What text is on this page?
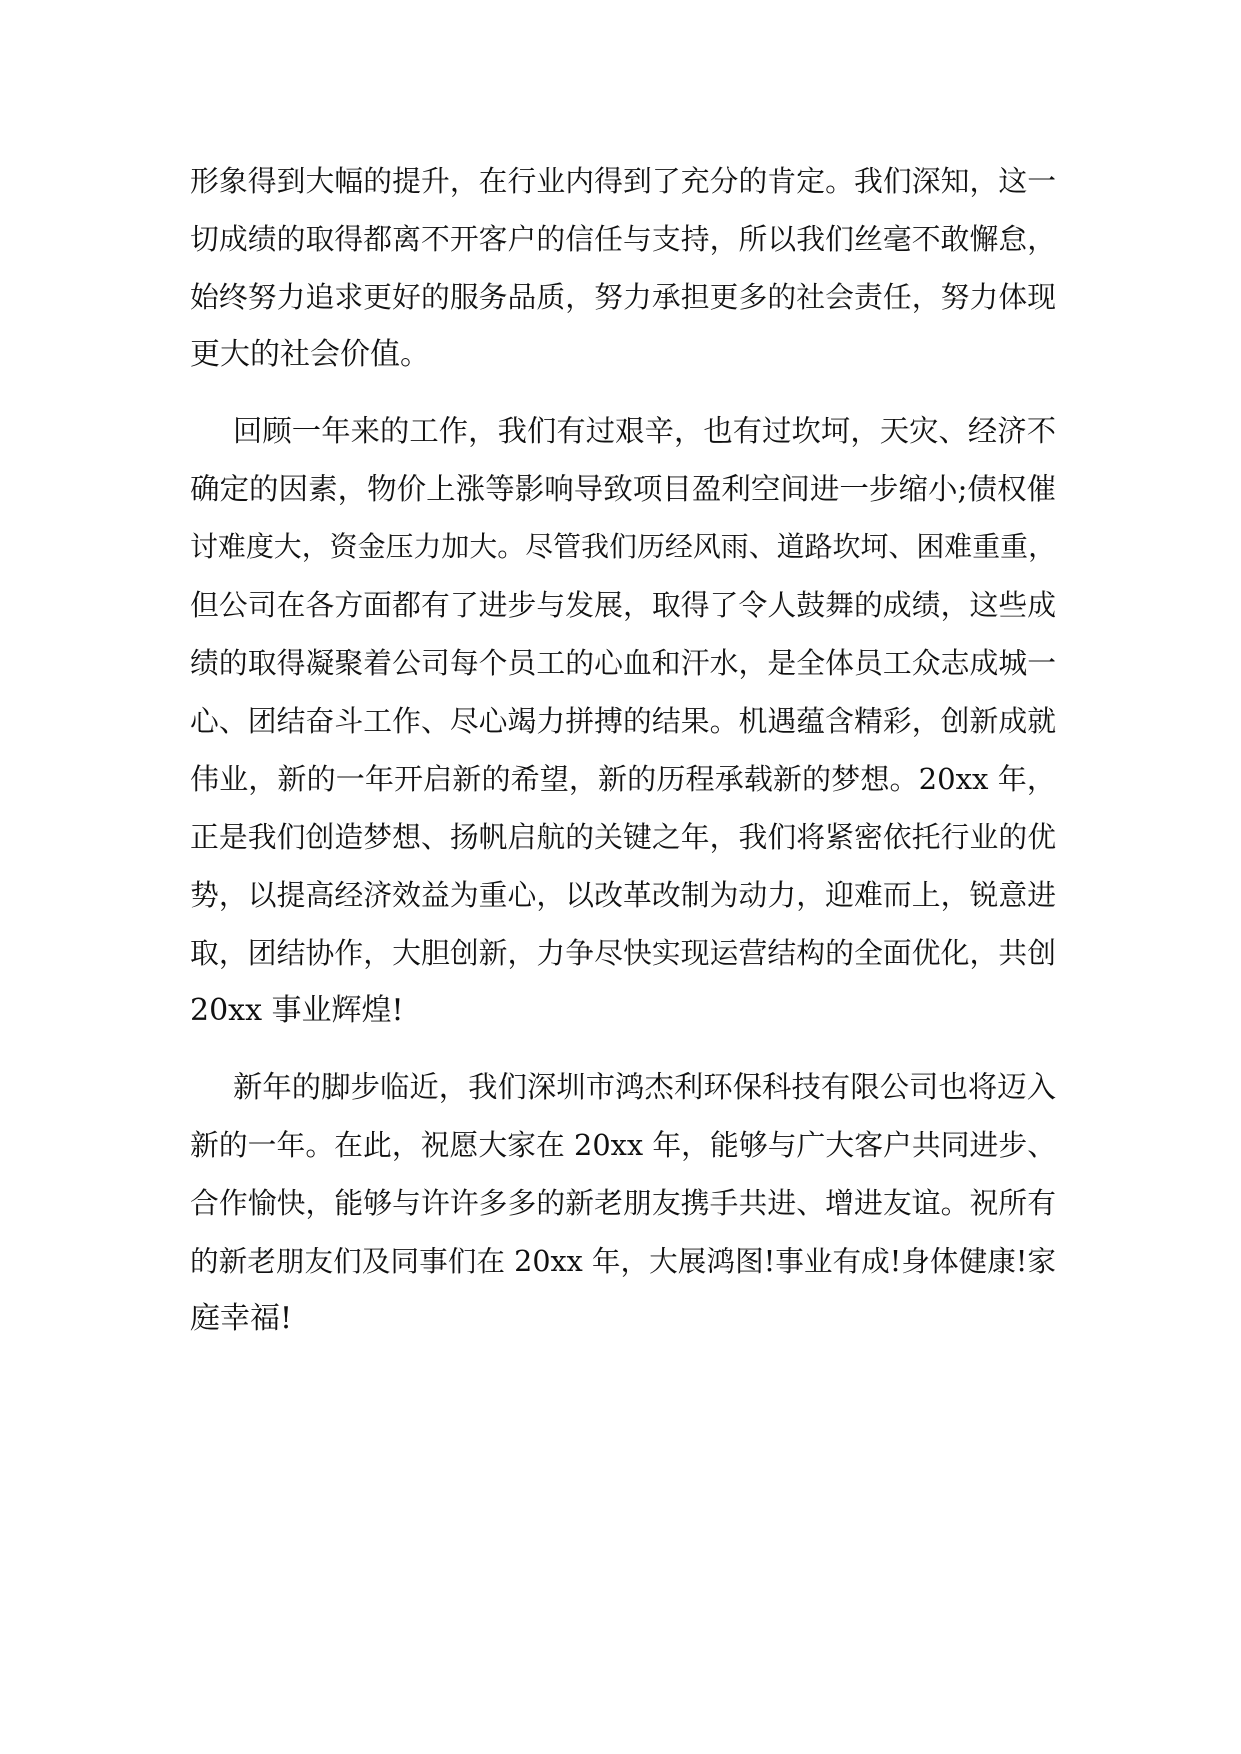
形象得到大幅的提升，在行业内得到了充分的肯定。我们深知，这一
切成绩的取得都离不开客户的信任与支持，所以我们丝毫不敢懈怠，
始终努力追求更好的服务品质，努力承担更多的社会责任，努力体现
更大的社会价值。
回顾一年来的工作，我们有过艰辛，也有过坎坷，天灾、经济不
确定的因素，物价上涨等影响导致项目盈利空间进一步缩小;债权催
讨难度大，资金压力加大。尽管我们历经风雨、道路坎坷、困难重重，
但公司在各方面都有了进步与发展，取得了令人鼓舞的成绩，这些成
绩的取得凝聚着公司每个员工的心血和汗水，是全体员工众志成城一
心、团结奋斗工作、尽心竭力拼搏的结果。机遇蕴含精彩，创新成就
伟业，新的一年开启新的希望，新的历程承载新的梦想。20xx 年，
正是我们创造梦想、扬帆启航的关键之年，我们将紧密依托行业的优
势，以提高经济效益为重心，以改革改制为动力，迎难而上，锐意进
取，团结协作，大胆创新，力争尽快实现运营结构的全面优化，共创
20xx 事业辉煌!
新年的脚步临近，我们深圳市鸿杰利环保科技有限公司也将迈入
新的一年。在此，祝愿大家在 20xx 年，能够与广大客户共同进步、
合作愉快，能够与许许多多的新老朋友携手共进、增进友谊。祝所有
的新老朋友们及同事们在 20xx 年，大展鸿图!事业有成!身体健康!家
庭幸福!
